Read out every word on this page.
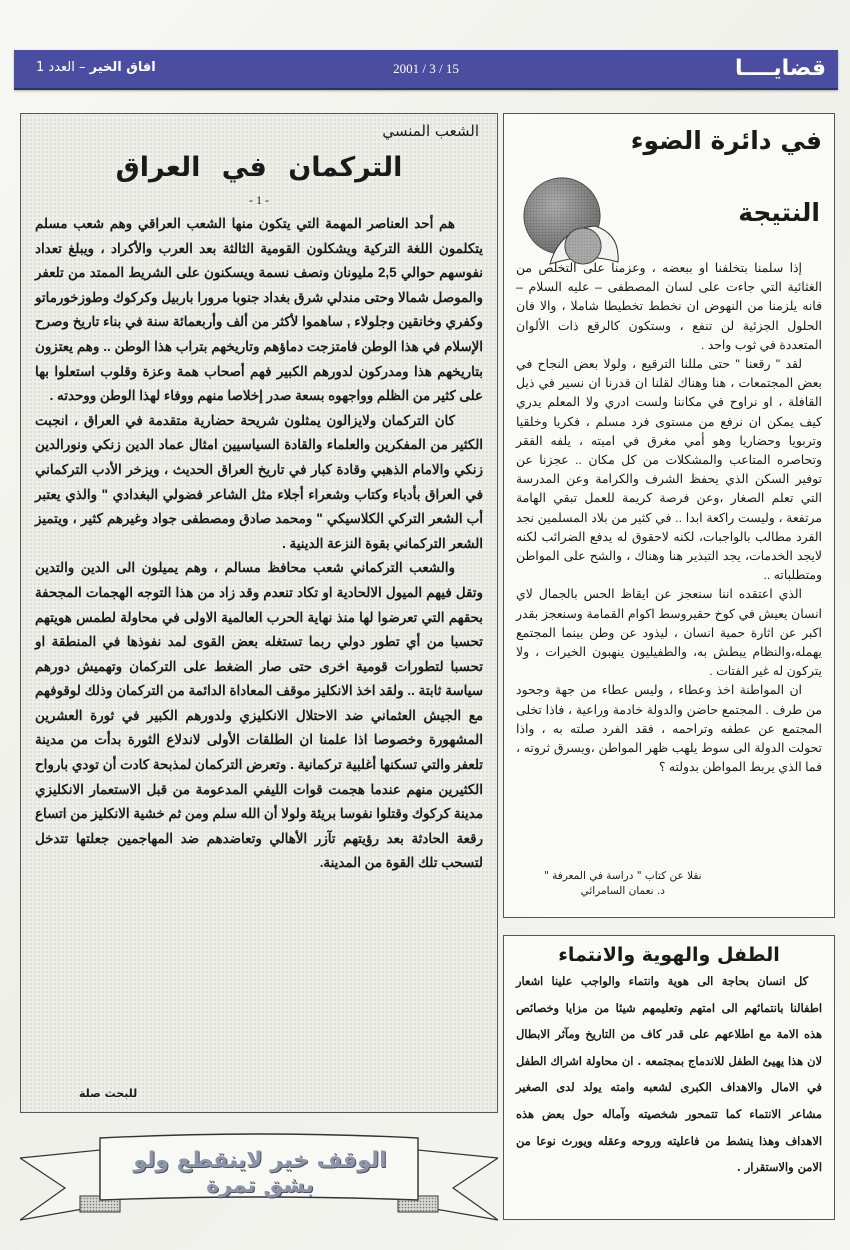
قضايــــا
2001 / 3 / 15
افاق الخير – العدد 1
الشعب المنسي
التركمان في العراق
- 1 -

هم أحد العناصر المهمة التي يتكون منها الشعب العراقي وهم شعب مسلم يتكلمون اللغة التركية ويشكلون القومية الثالثة بعد العرب والأكراد ، ويبلغ تعداد نفوسهم حوالي 2,5 مليونان ونصف نسمة ويسكنون على الشريط الممتد من تلعفر والموصل شمالا وحتى مندلي شرق بغداد جنوبا مرورا باربيل وكركوك وطوزخورماتو وكفري وخانقين وجلولاء , ساهموا لأكثر من ألف وأربعمائة سنة في بناء تاريخ وصرح الإسلام في هذا الوطن فامتزجت دماؤهم وتاريخهم بتراب هذا الوطن .. وهم يعتزون بتاريخهم هذا ومدركون لدورهم الكبير فهم أصحاب همة وعزة وقلوب استعلوا بها على كثير من الظلم وواجهوه بسعة صدر إخلاصا منهم ووفاء لهذا الوطن ووحدته .

كان التركمان ولايزالون يمثلون شريحة حضارية متقدمة في العراق ، انجبت الكثير من المفكرين والعلماء والقادة السياسيين امثال عماد الدين زنكي ونورالدين زنكي والامام الذهبي وقادة كبار في تاريخ العراق الحديث ، ويزخر الأدب التركماني في العراق بأدباء وكتاب وشعراء أجلاء مثل الشاعر فضولي البغدادي " والذي يعتبر أب الشعر التركي الكلاسيكي " ومحمد صادق ومصطفى جواد وغيرهم كثير ، ويتميز الشعر التركماني بقوة النزعة الدينية .

والشعب التركماني شعب محافظ مسالم ، وهم يميلون الى الدين والتدين وتقل فيهم الميول الالحادية او تكاد تنعدم وقد زاد من هذا التوجه الهجمات المجحفة بحقهم التي تعرضوا لها منذ نهاية الحرب العالمية الاولى في محاولة لطمس هويتهم تحسبا من أي تطور دولي ربما تستغله بعض القوى لمد نفوذها في المنطقة او تحسبا لتطورات قومية اخرى حتى صار الضغط على التركمان وتهميش دورهم سياسة ثابتة .. ولقد اخذ الانكليز موقف المعاداة الدائمة من التركمان وذلك لوقوفهم مع الجيش العثماني ضد الاحتلال الانكليزي ولدورهم الكبير في ثورة العشرين المشهورة وخصوصا اذا علمنا ان الطلقات الأولى لاندلاع الثورة بدأت من مدينة تلعفر والتي تسكنها أغلبية تركمانية . وتعرض التركمان لمذبحة كادت أن تودي بارواح الكثيرين منهم عندما هجمت قوات الليفي المدعومة من قبل الاستعمار الانكليزي مدينة كركوك وقتلوا نفوسا بريئة ولولا أن الله سلم ومن ثم خشية الانكليز من اتساع رقعة الحادثة بعد رؤيتهم تآزر الأهالي وتعاضدهم ضد المهاجمين جعلتها تتدخل لتسحب تلك القوة من المدينة.

للبحث صلة
في دائرة الضوء
النتيجة

إذا سلمنا بتخلفنا او ببعضه ، وعزمنا على التخلص من الغثائية التي جاءت على لسان المصطفى – عليه السلام – فانه يلزمنا من النهوض ان نخطط تخطيطا شاملا ، والا فان الحلول الجزئية لن تنفع ، وستكون كالرقع ذات الألوان المتعددة في ثوب واحد .

لقد " رقعنا " حتى مللنا الترقيع ، ولولا بعض النجاح في بعض المجتمعات ، هنا وهناك لقلنا ان قدرنا ان نسير في ذيل القافلة ، او نراوح في مكاننا ولست ادري ولا المعلم يدري كيف يمكن ان نرفع من مستوى فرد مسلم ، فكريا وخلقيا وتربويا وحضاريا وهو أمي مغرق في اميته ، يلفه الفقر وتحاصره المتاعب والمشكلات من كل مكان .. عجزنا عن توفير السكن الذي يحفظ الشرف والكرامة وعن المدرسة التي تعلم الصغار ،وعن فرصة كريمة للعمل تبقي الهامة مرتفعة ، وليست راكعة ابدا .. في كثير من بلاد المسلمين نجد الفرد مطالب بالواجبات، لكنه لاحقوق له يدفع الضرائب لكنه لايجد الخدمات، يجد التبذير هنا وهناك ، والشح على المواطن ومتطلباته ..

الذي اعتقده اننا سنعجز عن ايقاظ الحس بالجمال لاي انسان يعيش في كوخ حقيروسط اكوام القمامة وسنعجز بقدر اكبر عن اثارة حمية انسان ، ليذود عن وطن بينما المجتمع يهمله،والنظام يبطش به، والطفيليون ينهبون الخيرات ، ولا يتركون له غير الفتات .

ان المواطنة اخذ وعطاء ، وليس عطاء من جهة وجحود من طرف . المجتمع حاضن والدولة خادمة وراعية ، فاذا تخلى المجتمع عن عطفه وتراحمه ، فقد الفرد صلته به ، واذا تحولت الدولة الى سوط يلهب ظهر المواطن ،ويسرق ثروته ، فما الذي يربط المواطن بدولته ؟

نقلا عن كتاب " دراسة في المعرفة "
د. نعمان السامرائي
الطفل والهوية والانتماء

كل انسان بحاجة الى هوية وانتماء والواجب علينا اشعار اطفالنا بانتمائهم الى امتهم وتعليمهم شيئا من مزايا وخصائص هذه الامة مع اطلاعهم على قدر كاف من التاريخ ومآثر الابطال لان هذا يهيئ الطفل للاندماج بمجتمعه . ان محاولة اشراك الطفل في الامال والاهداف الكبرى لشعبه وامته يولد لدى الصغير مشاعر الانتماء كما تتمحور شخصيته وآماله حول بعض هذه الاهداف وهذا ينشط من فاعليته وروحه وعقله ويورث نوعا من الامن والاستقرار .

الوقف خير لاينقطع ولو بشق تمرة
